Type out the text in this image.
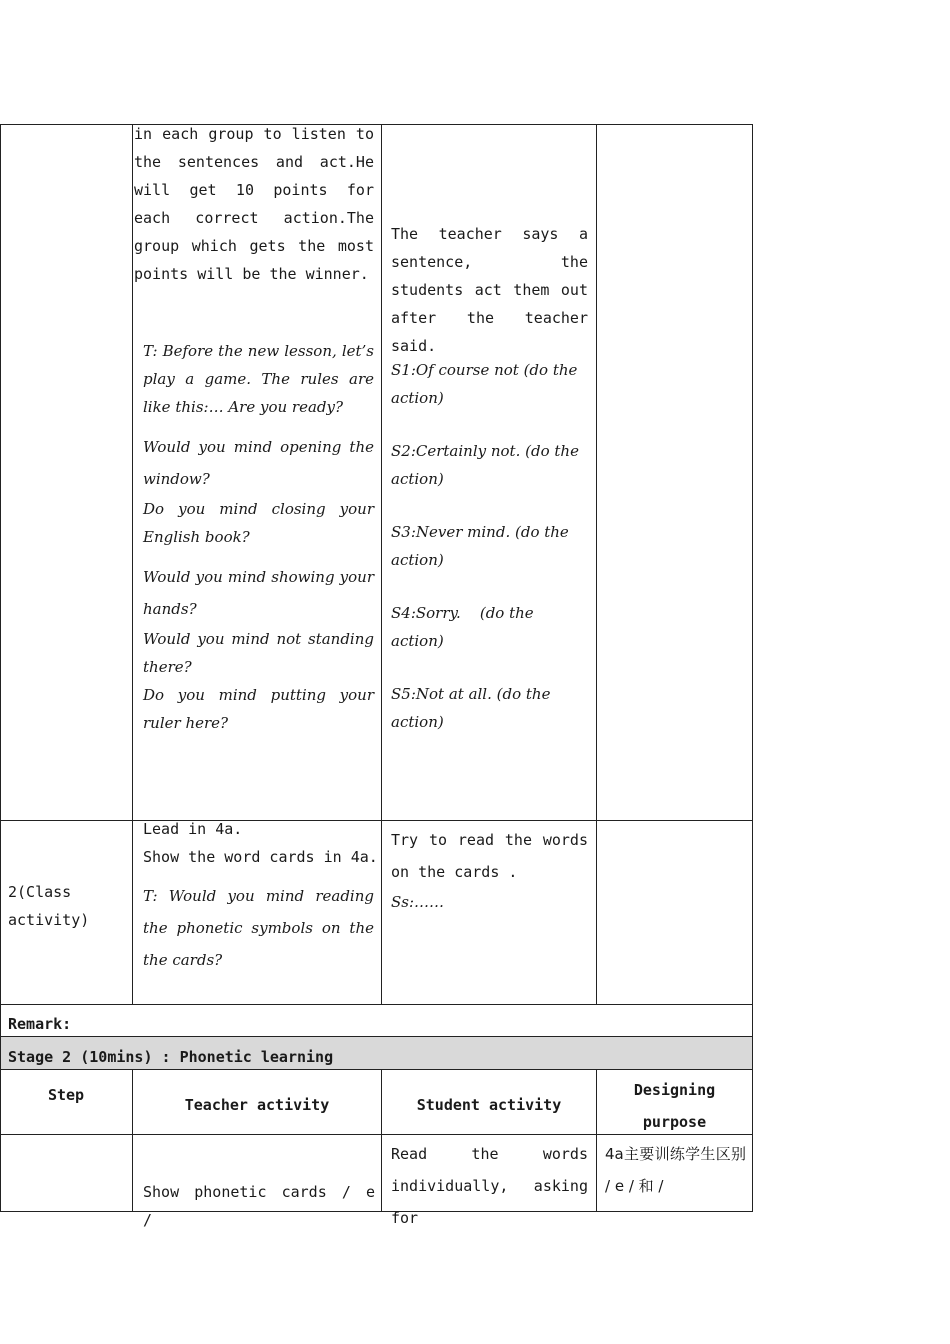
in each group to listen to the sentences and act.He will get 10 points for each correct action.The group which gets the most points will be the winner.

T: Before the new lesson, let’s play a game. The rules are like this:… Are you ready?

Would you mind opening the window?

Do you mind closing your English book?

Would you mind showing your hands?

Would you mind not standing there?

Do you mind putting your ruler here?

The teacher says a sentence, the students act them out after the teacher said.

S1:Of course not (do the action)

S2:Certainly not. (do the action)

S3:Never mind. (do the action)

S4:Sorry.    (do the action)

S5:Not at all. (do the action)

2(Class activity)
Lead in 4a.
Show the word cards in 4a.
T: Would you mind reading the phonetic symbols on the the cards?
Try to read the words on the cards .
Ss:……
Remark:
Stage 2 (10mins) : Phonetic learning
Step
Teacher activity	Student activity
Designing purpose
Show phonetic cards / e /
Read the words individually, asking for
4a主要训练学生区别 / e / 和 /
